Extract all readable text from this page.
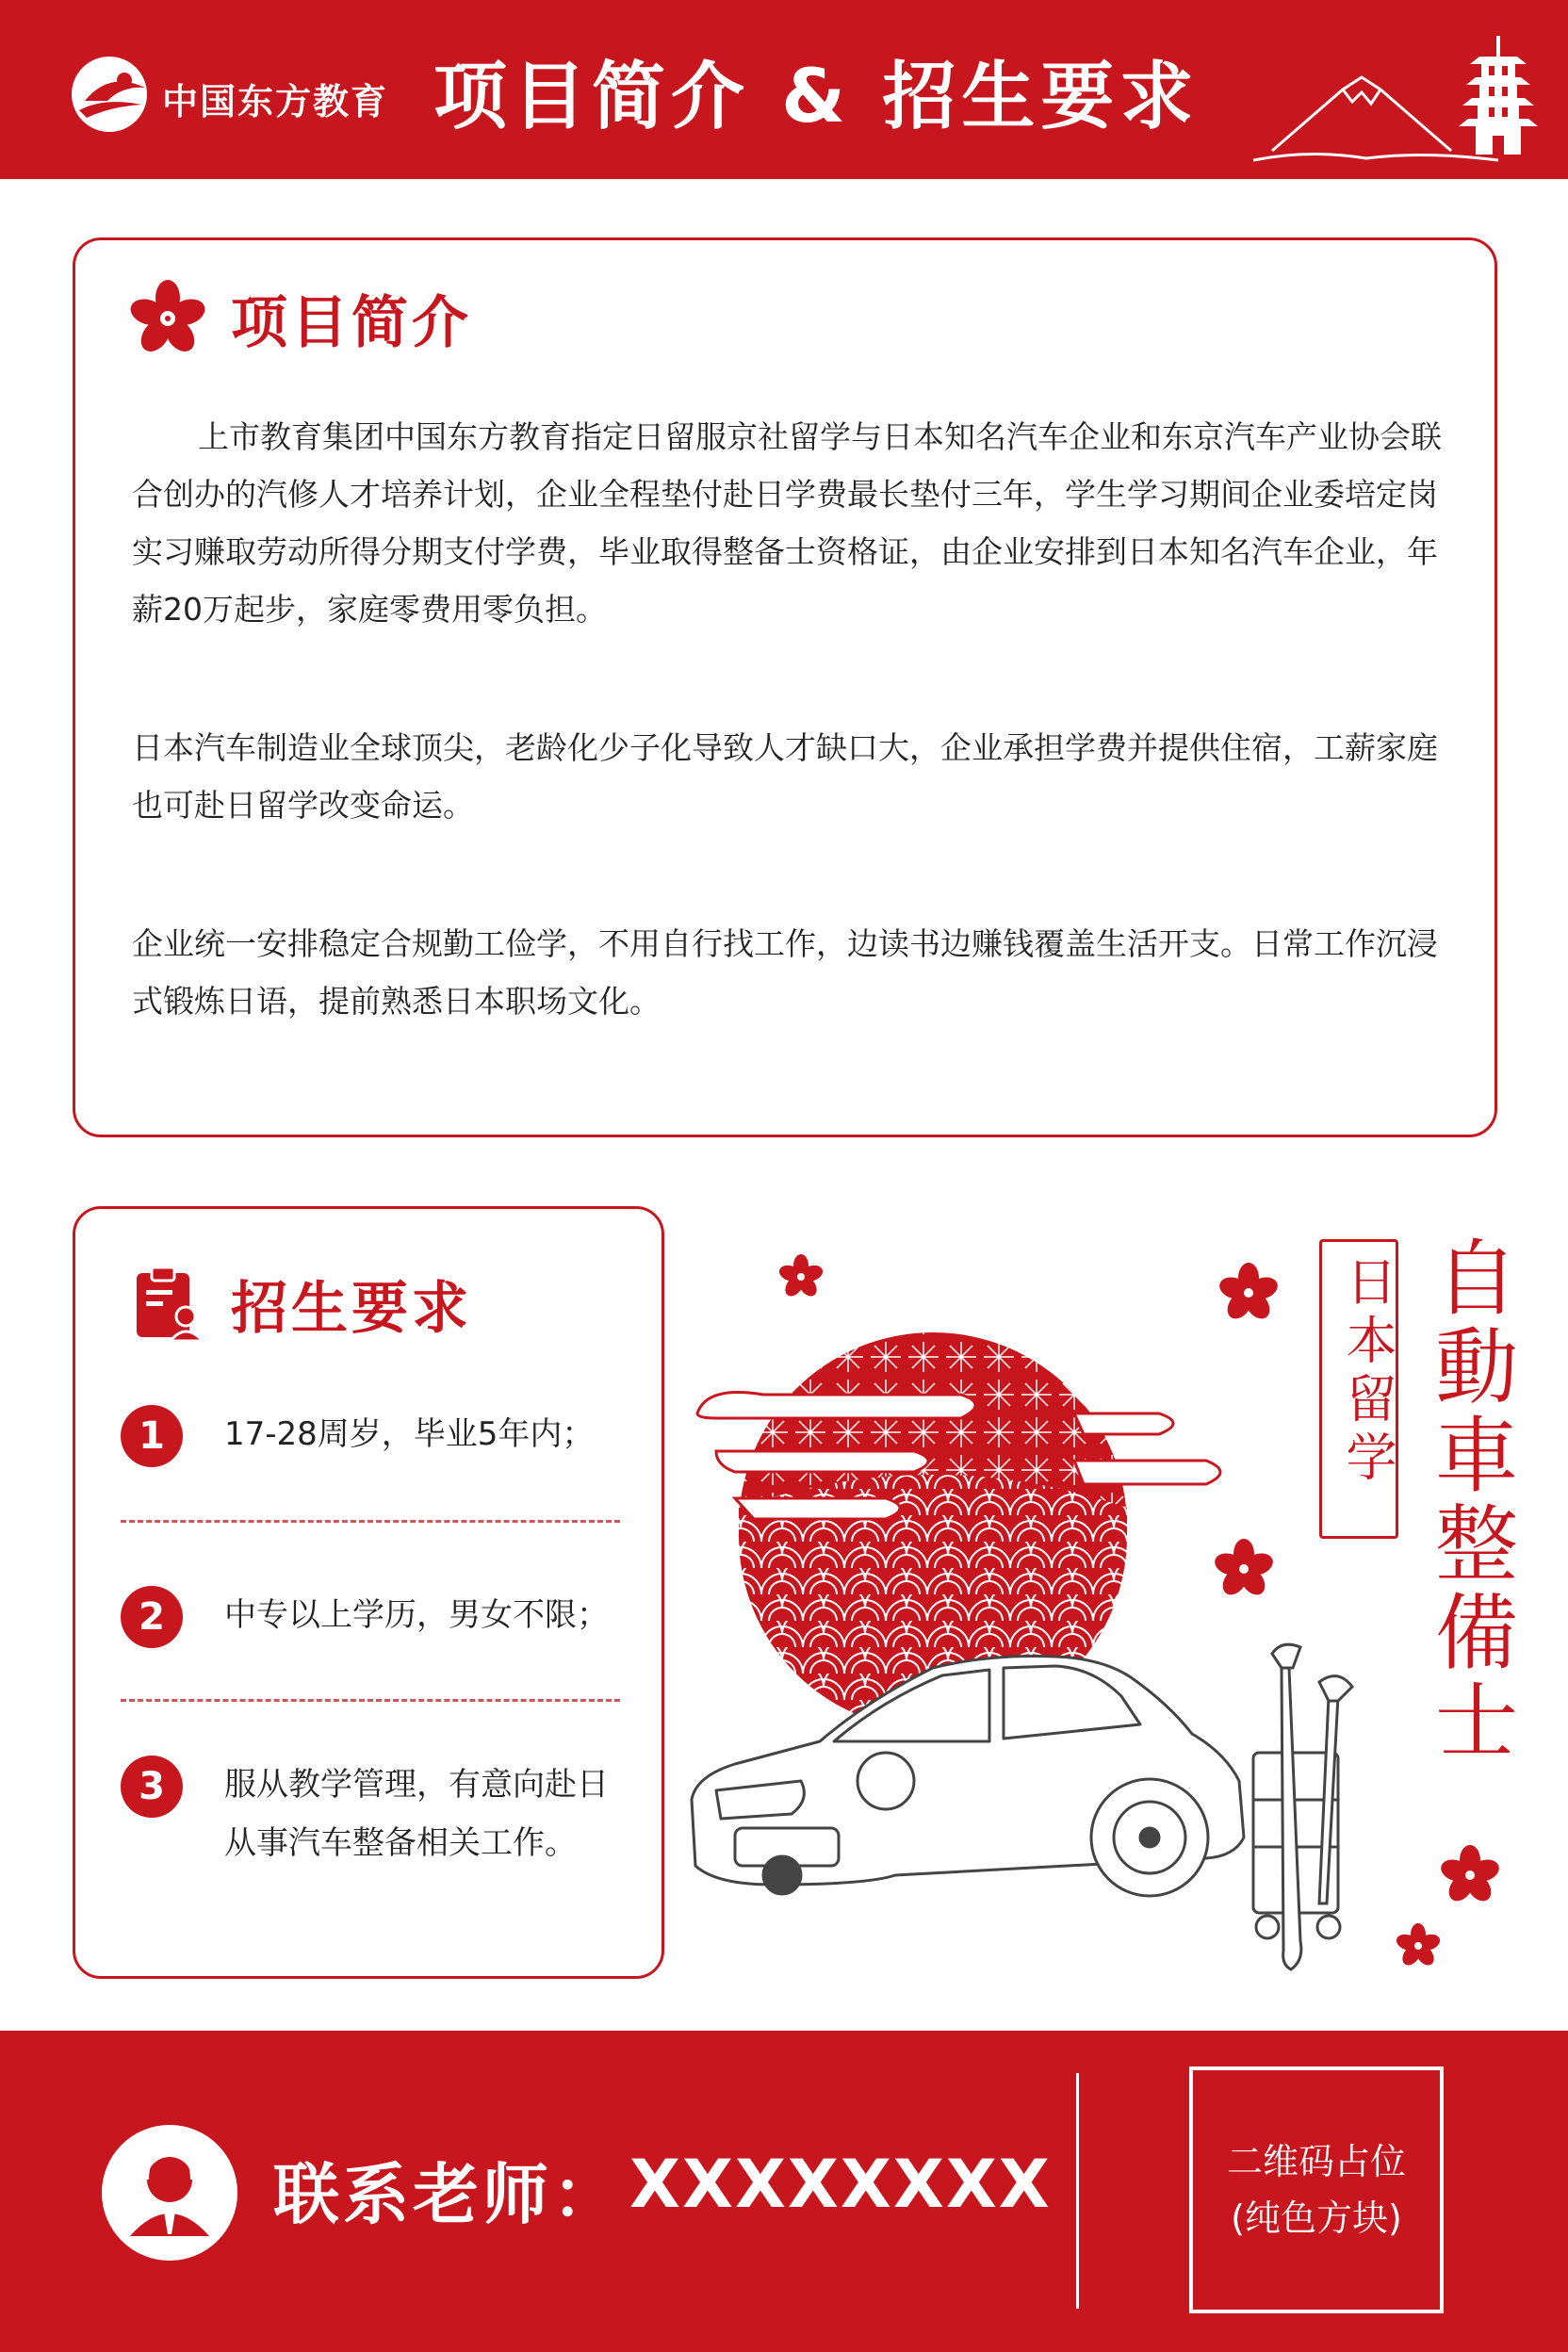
中国东方教育 项目简介 & 招生要求
项目简介

上市教育集团中国东方教育指定日留服京社留学与日本知名汽车企业和东京汽车产业协会联合创办的汽修人才培养计划，企业全程垫付赴日学费最长垫付三年，学生学习期间企业委培定岗实习赚取劳动所得分期支付学费，毕业取得整备士资格证，由企业安排到日本知名汽车企业，年薪20万起步，家庭零费用零负担。

日本汽车制造业全球顶尖，老龄化少子化导致人才缺口大，企业承担学费并提供住宿，工薪家庭也可赴日留学改变命运。

企业统一安排稳定合规勤工俭学，不用自行找工作，边读书边赚钱覆盖生活开支。日常工作沉浸式锻炼日语，提前熟悉日本职场文化。

招生要求
1	17-28周岁，毕业5年内；
2	中专以上学历，男女不限；
3	服从教学管理，有意向赴日从事汽车整备相关工作。
日本留学 自動車整備士
联系老师： XXXXXXXX	二维码占位
(纯色方块)
